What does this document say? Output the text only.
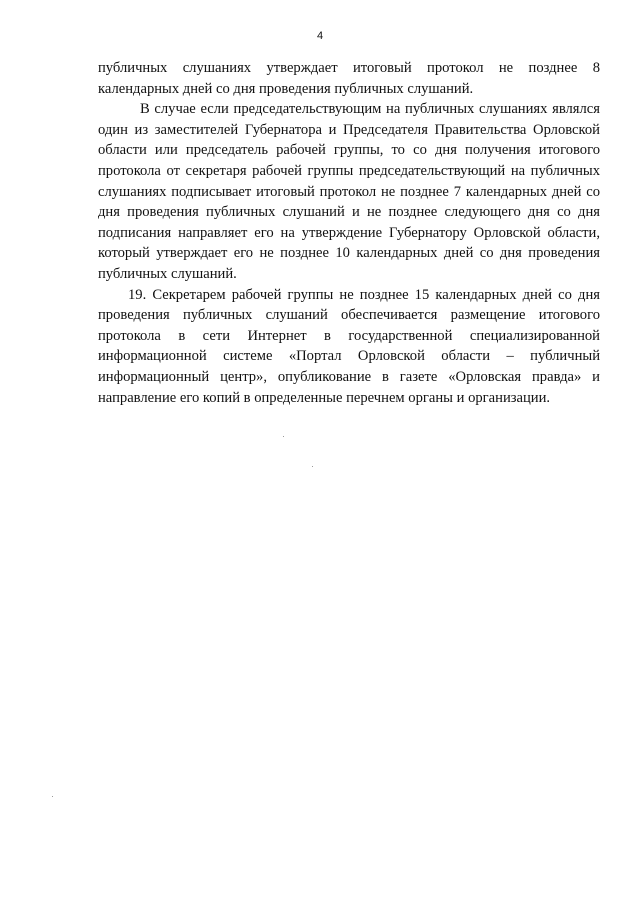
4

публичных слушаниях утверждает итоговый протокол не позднее 8 календарных дней со дня проведения публичных слушаний.

В случае если председательствующим на публичных слушаниях являлся один из заместителей Губернатора и Председателя Правительства Орловской области или председатель рабочей группы, то со дня получения итогового протокола от секретаря рабочей группы председательствующий на публичных слушаниях подписывает итоговый протокол не позднее 7 календарных дней со дня проведения публичных слушаний и не позднее следующего дня со дня подписания направляет его на утверждение Губернатору Орловской области, который утверждает его не позднее 10 календарных дней со дня проведения публичных слушаний.

19. Секретарем рабочей группы не позднее 15 календарных дней со дня проведения публичных слушаний обеспечивается размещение итогового протокола в сети Интернет в государственной специализированной информационной системе «Портал Орловской области – публичный информационный центр», опубликование в газете «Орловская правда» и направление его копий в определенные перечнем органы и организации.
